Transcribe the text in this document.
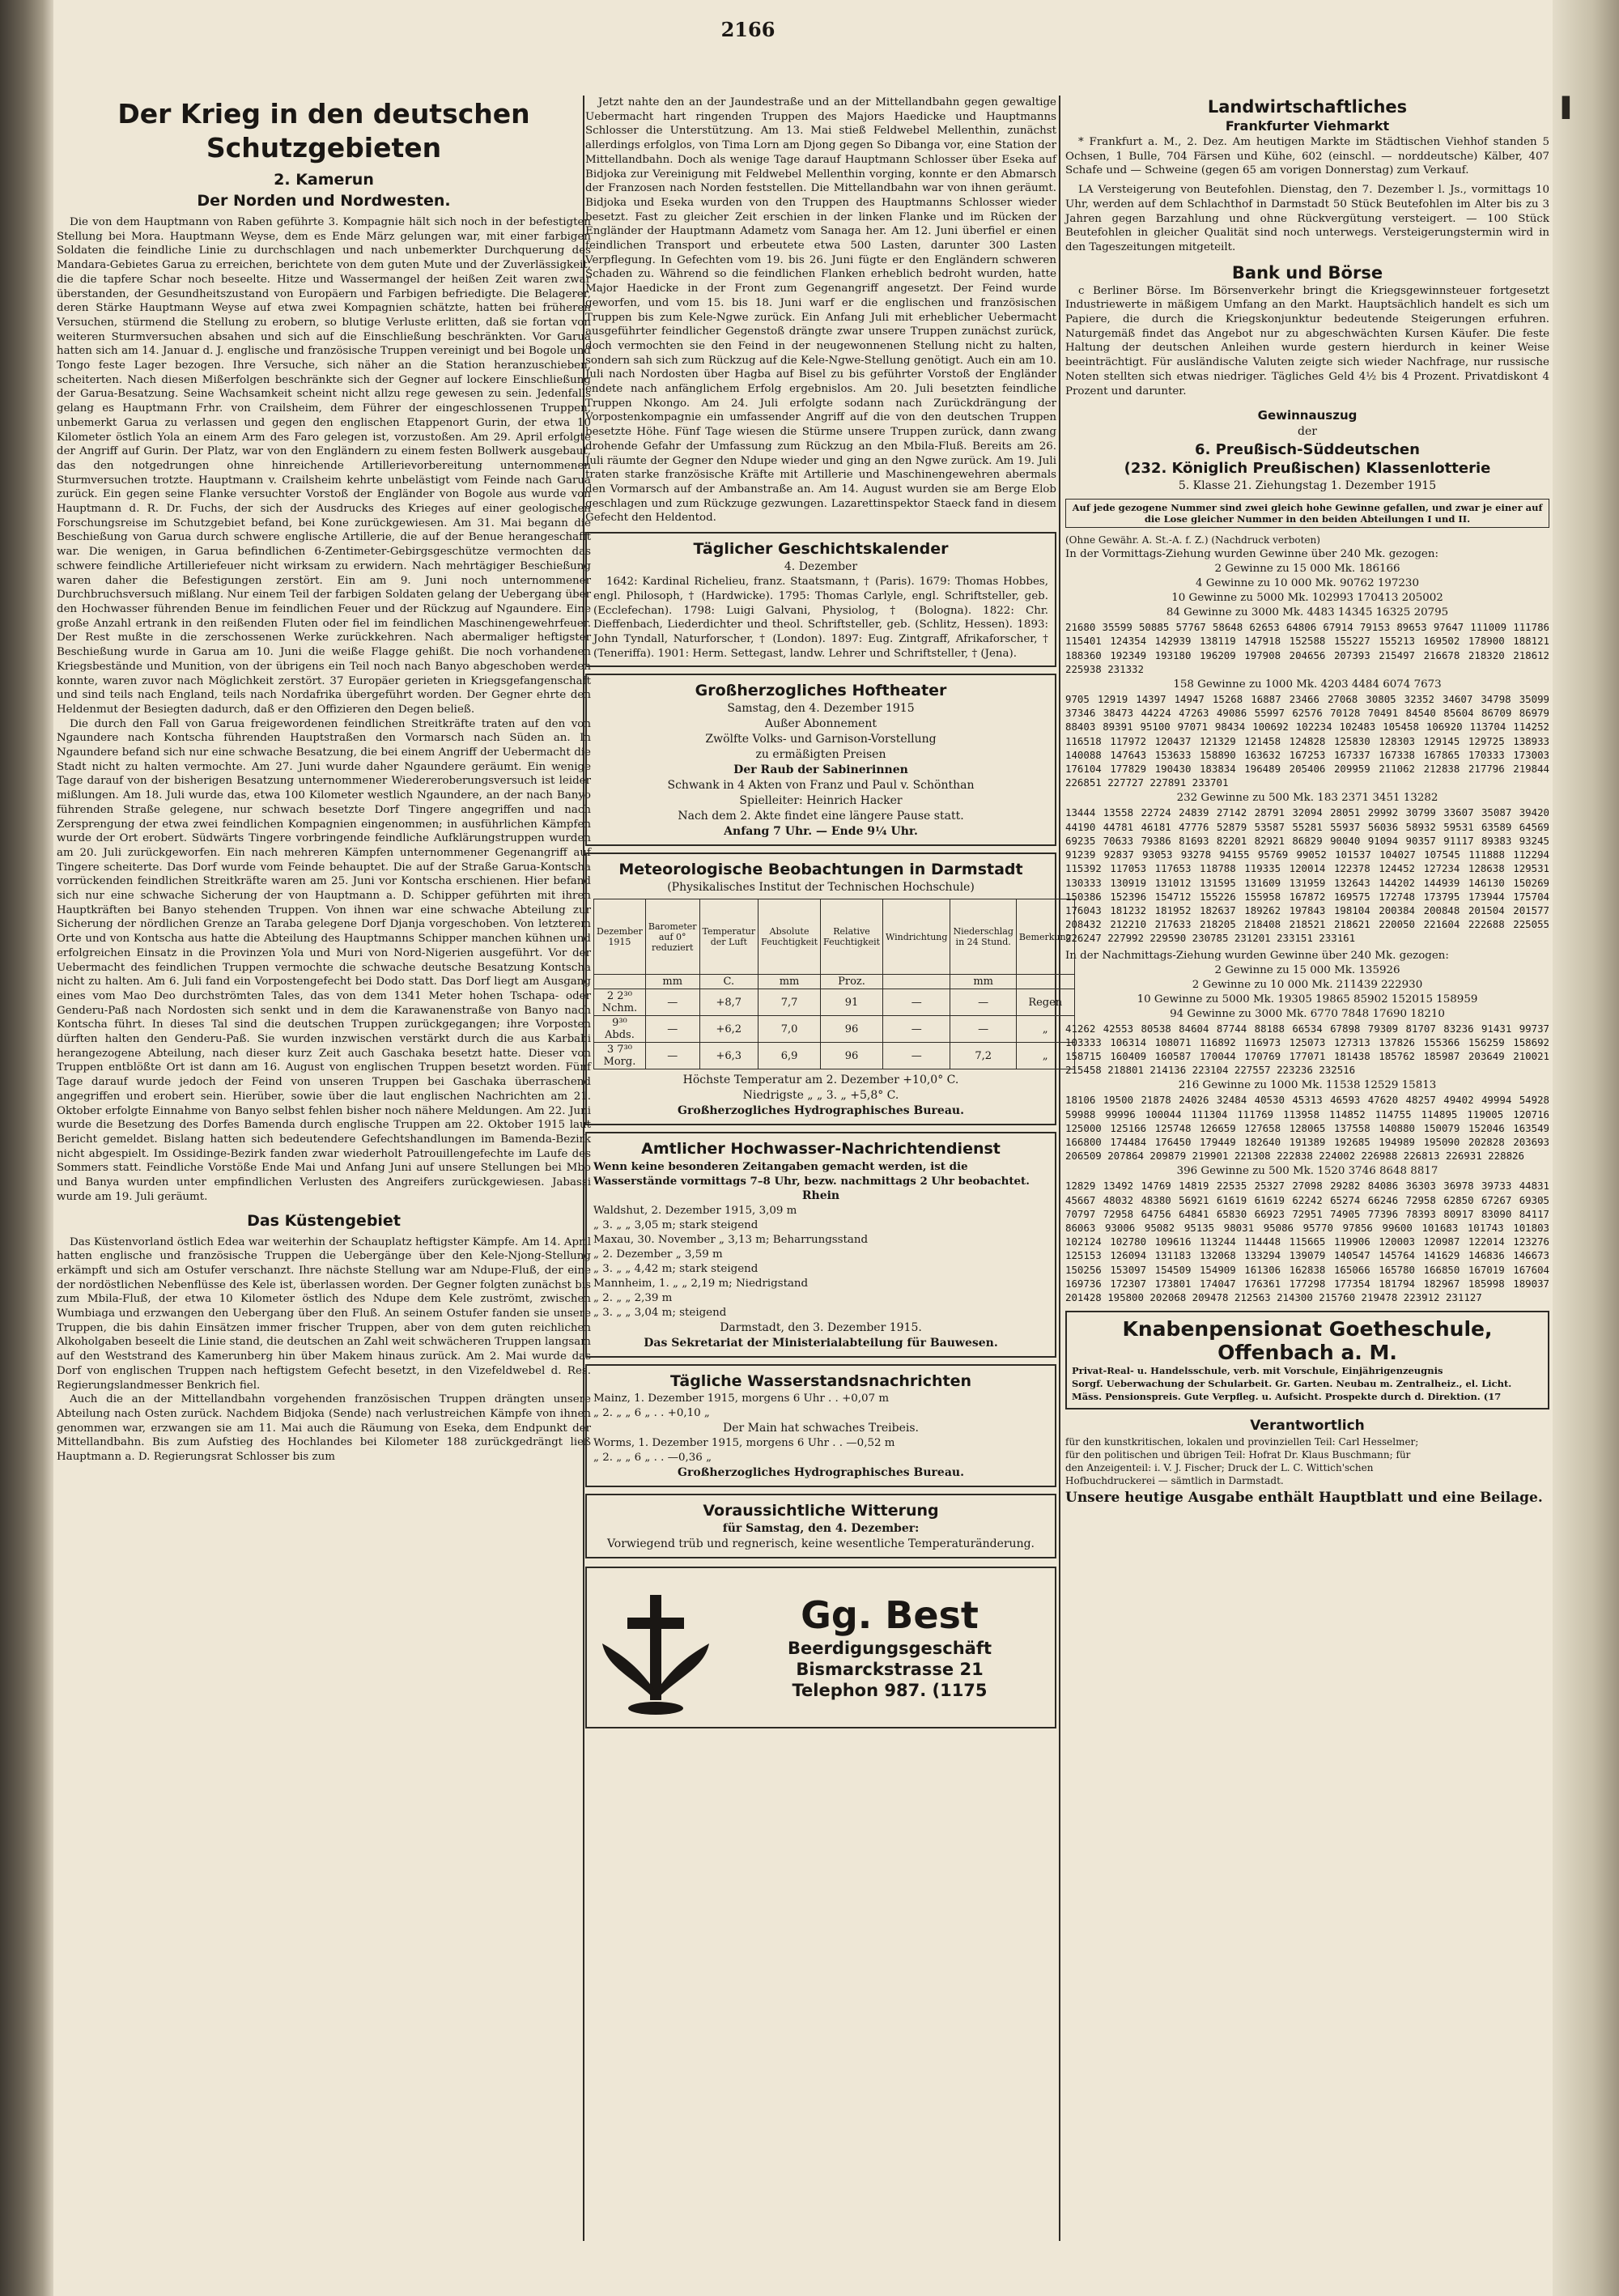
2166
Der Krieg in den deutschen Schutzgebieten
2. Kamerun
Der Norden und Nordwesten.

Die von dem Hauptmann von Raben geführte 3. Kompagnie hält sich noch in der befestigten Stellung bei Mora. Hauptmann Weyse, dem es Ende März gelungen war, mit einer farbigen Soldaten die feindliche Linie zu durchschlagen und nach unbemerkter Durchquerung des Mandara-Gebietes Garua zu erreichen, berichtete von dem guten Mute und der Zuverlässigkeit, die die tapfere Schar noch beseelte. Hitze und Wassermangel der heißen Zeit waren zwar überstanden, der Gesundheitszustand von Europäern und Farbigen befriedigte. Die Belagerer, deren Stärke Hauptmann Weyse auf etwa zwei Kompagnien schätzte, hatten bei früheren Versuchen, stürmend die Stellung zu erobern, so blutige Verluste erlitten, daß sie fortan von weiteren Sturmversuchen absahen und sich auf die Einschließung beschränkten. Vor Garua hatten sich am 14. Januar d. J. englische und französische Truppen vereinigt und bei Bogole und Tongo feste Lager bezogen. Ihre Versuche, sich näher an die Station heranzuschieben, scheiterten. Nach diesen Mißerfolgen beschränkte sich der Gegner auf lockere Einschließung der Garua-Besatzung. Seine Wachsamkeit scheint nicht allzu rege gewesen zu sein. Jedenfalls gelang es Hauptmann Frhr. von Crailsheim, dem Führer der eingeschlossenen Truppen, unbemerkt Garua zu verlassen und gegen den englischen Etappenort Gurin, der etwa 10 Kilometer östlich Yola an einem Arm des Faro gelegen ist, vorzustoßen. Am 29. April erfolgte der Angriff auf Gurin. Der Platz, war von den Engländern zu einem festen Bollwerk ausgebaut, das den notgedrungen ohne hinreichende Artillerievorbereitung unternommenen Sturmversuchen trotzte. Hauptmann v. Crailsheim kehrte unbelästigt vom Feinde nach Garua zurück. Ein gegen seine Flanke versuchter Vorstoß der Engländer von Bogole aus wurde von Hauptmann d. R. Dr. Fuchs, der sich der Ausdrucks des Krieges auf einer geologischen Forschungsreise im Schutzgebiet befand, bei Kone zurückgewiesen. Am 31. Mai begann die Beschießung von Garua durch schwere englische Artillerie, die auf der Benue herangeschafft war. Die wenigen, in Garua befindlichen 6-Zentimeter-Gebirgsgeschütze vermochten das schwere feindliche Artilleriefeuer nicht wirksam zu erwidern. Nach mehrtägiger Beschießung waren daher die Befestigungen zerstört. Ein am 9. Juni noch unternommener Durchbruchsversuch mißlang. Nur einem Teil der farbigen Soldaten gelang der Uebergang über den Hochwasser führenden Benue im feindlichen Feuer und der Rückzug auf Ngaundere. Eine große Anzahl ertrank in den reißenden Fluten oder fiel im feindlichen Maschinengewehrfeuer. Der Rest mußte in die zerschossenen Werke zurückkehren. Nach abermaliger heftigster Beschießung wurde in Garua am 10. Juni die weiße Flagge gehißt. Die noch vorhandenen Kriegsbestände und Munition, von der übrigens ein Teil noch nach Banyo abgeschoben werden konnte, waren zuvor nach Möglichkeit zerstört. 37 Europäer gerieten in Kriegsgefangenschaft und sind teils nach England, teils nach Nordafrika übergeführt worden. Der Gegner ehrte den Heldenmut der Besiegten dadurch, daß er den Offizieren den Degen beließ.

Die durch den Fall von Garua freigewordenen feindlichen Streitkräfte traten auf den von Ngaundere nach Kontscha führenden Hauptstraßen den Vormarsch nach Süden an. In Ngaundere befand sich nur eine schwache Besatzung, die bei einem Angriff der Uebermacht die Stadt nicht zu halten vermochte. Am 27. Juni wurde daher Ngaundere geräumt. Ein wenige Tage darauf von der bisherigen Besatzung unternommener Wiedereroberungsversuch ist leider mißlungen. Am 18. Juli wurde das, etwa 100 Kilometer westlich Ngaundere, an der nach Banyo führenden Straße gelegene, nur schwach besetzte Dorf Tingere angegriffen und nach Zersprengung der etwa zwei feindlichen Kompagnien eingenommen; in ausführlichen Kämpfen wurde der Ort erobert. Südwärts Tingere vorbringende feindliche Aufklärungstruppen wurden am 20. Juli zurückgeworfen. Ein nach mehreren Kämpfen unternommener Gegenangriff auf Tingere scheiterte. Das Dorf wurde vom Feinde behauptet. Die auf der Straße Garua-Kontscha vorrückenden feindlichen Streitkräfte waren am 25. Juni vor Kontscha erschienen. Hier befand sich nur eine schwache Sicherung der von Hauptmann a. D. Schipper geführten mit ihren Hauptkräften bei Banyo stehenden Truppen. Von ihnen war eine schwache Abteilung zur Sicherung der nördlichen Grenze an Taraba gelegene Dorf Djanja vorgeschoben. Von letzterem Orte und von Kontscha aus hatte die Abteilung des Hauptmanns Schipper manchen kühnen und erfolgreichen Einsatz in die Provinzen Yola und Muri von Nord-Nigerien ausgeführt. Vor der Uebermacht des feindlichen Truppen vermochte die schwache deutsche Besatzung Kontscha nicht zu halten. Am 6. Juli fand ein Vorpostengefecht bei Dodo statt. Das Dorf liegt am Ausgang eines vom Mao Deo durchströmten Tales, das von dem 1341 Meter hohen Tschapa- oder Genderu-Paß nach Nordosten sich senkt und in dem die Karawanenstraße von Banyo nach Kontscha führt. In dieses Tal sind die deutschen Truppen zurückgegangen; ihre Vorposten dürften halten den Genderu-Paß. Sie wurden inzwischen verstärkt durch die aus Karbabi herangezogene Abteilung, nach dieser kurz Zeit auch Gaschaka besetzt hatte. Dieser von Truppen entblößte Ort ist dann am 16. August von englischen Truppen besetzt worden. Fünf Tage darauf wurde jedoch der Feind von unseren Truppen bei Gaschaka überraschend angegriffen und erobert sein. Hierüber, sowie über die laut englischen Nachrichten am 21. Oktober erfolgte Einnahme von Banyo selbst fehlen bisher noch nähere Meldungen. Am 22. Juni wurde die Besetzung des Dorfes Bamenda durch englische Truppen am 22. Oktober 1915 laut Bericht gemeldet. Bislang hatten sich bedeutendere Gefechtshandlungen im Bamenda-Bezirk nicht abgespielt. Im Ossidinge-Bezirk fanden zwar wiederholt Patrouillengefechte im Laufe des Sommers statt. Feindliche Vorstöße Ende Mai und Anfang Juni auf unsere Stellungen bei Mbo und Banya wurden unter empfindlichen Verlusten des Angreifers zurückgewiesen. Jabassi wurde am 19. Juli geräumt.

Das Küstengebiet

Das Küstenvorland östlich Edea war weiterhin der Schauplatz heftigster Kämpfe. Am 14. April hatten englische und französische Truppen die Uebergänge über den Kele-Njong-Stellung erkämpft und sich am Ostufer verschanzt. Ihre nächste Stellung war am Ndupe-Fluß, der eine der nordöstlichen Nebenflüsse des Kele ist, überlassen worden. Der Gegner folgten zunächst bis zum Mbila-Fluß, der etwa 10 Kilometer östlich des Ndupe dem Kele zuströmt, zwischen Wumbiaga und erzwangen den Uebergang über den Fluß. An seinem Ostufer fanden sie unsere Truppen, die bis dahin Einsätzen immer frischer Truppen, aber von dem guten reichlichen Alkoholgaben beseelt die Linie stand, die deutschen an Zahl weit schwächeren Truppen langsam auf den Weststrand des Kamerunberg hin über Makem hinaus zurück. Am 2. Mai wurde das Dorf von englischen Truppen nach heftigstem Gefecht besetzt, in den Vizefeldwebel d. Res. Regierungslandmesser Benkrich fiel.

Auch die an der Mittellandbahn vorgehenden französischen Truppen drängten unsere Abteilung nach Osten zurück. Nachdem Bidjoka (Sende) nach verlustreichen Kämpfe von ihnen genommen war, erzwangen sie am 11. Mai auch die Räumung von Eseka, dem Endpunkt der Mittellandbahn. Bis zum Aufstieg des Hochlandes bei Kilometer 188 zurückgedrängt ließ Hauptmann a. D. Regierungsrat Schlosser bis zum

Jetzt nahte den an der Jaundestraße und an der Mittellandbahn gegen gewaltige Uebermacht hart ringenden Truppen des Majors Haedicke und Hauptmanns Schlosser die Unterstützung. Am 13. Mai stieß Feldwebel Mellenthin, zunächst allerdings erfolglos, von Tima Lorn am Djong gegen So Dibanga vor, eine Station der Mittellandbahn. Doch als wenige Tage darauf Hauptmann Schlosser über Eseka auf Bidjoka zur Vereinigung mit Feldwebel Mellenthin vorging, konnte er den Abmarsch der Franzosen nach Norden feststellen. Die Mittellandbahn war von ihnen geräumt. Bidjoka und Eseka wurden von den Truppen des Hauptmanns Schlosser wieder besetzt. Fast zu gleicher Zeit erschien in der linken Flanke und im Rücken der Engländer der Hauptmann Adametz vom Sanaga her. Am 12. Juni überfiel er einen feindlichen Transport und erbeutete etwa 500 Lasten, darunter 300 Lasten Verpflegung. In Gefechten vom 19. bis 26. Juni fügte er den Engländern schweren Schaden zu. Während so die feindlichen Flanken erheblich bedroht wurden, hatte Major Haedicke in der Front zum Gegenangriff angesetzt. Der Feind wurde geworfen, und vom 15. bis 18. Juni warf er die englischen und französischen Truppen bis zum Kele-Ngwe zurück. Ein Anfang Juli mit erheblicher Uebermacht ausgeführter feindlicher Gegenstoß drängte zwar unsere Truppen zunächst zurück, doch vermochten sie den Feind in der neugewonnenen Stellung nicht zu halten, sondern sah sich zum Rückzug auf die Kele-Ngwe-Stellung genötigt. Auch ein am 10. Juli nach Nordosten über Hagba auf Bisel zu bis geführter Vorstoß der Engländer endete nach anfänglichem Erfolg ergebnislos. Am 20. Juli besetzten feindliche Truppen Nkongo. Am 24. Juli erfolgte sodann nach Zurückdrängung der Vorpostenkompagnie ein umfassender Angriff auf die von den deutschen Truppen besetzte Höhe. Fünf Tage wiesen die Stürme unsere Truppen zurück, dann zwang drohende Gefahr der Umfassung zum Rückzug an den Mbila-Fluß. Bereits am 26. Juli räumte der Gegner den Ndupe wieder und ging an den Ngwe zurück. Am 19. Juli traten starke französische Kräfte mit Artillerie und Maschinengewehren abermals den Vormarsch auf der Ambanstraße an. Am 14. August wurden sie am Berge Elob geschlagen und zum Rückzuge gezwungen. Lazarettinspektor Staeck fand in diesem Gefecht den Heldentod.

Täglicher Geschichtskalender

4. Dezember

1642: Kardinal Richelieu, franz. Staatsmann, † (Paris). 1679: Thomas Hobbes, engl. Philosoph, † (Hardwicke). 1795: Thomas Carlyle, engl. Schriftsteller, geb. (Ecclefechan). 1798: Luigi Galvani, Physiolog, † (Bologna). 1822: Chr. Dieffenbach, Liederdichter und theol. Schriftsteller, geb. (Schlitz, Hessen). 1893: John Tyndall, Naturforscher, † (London). 1897: Eug. Zintgraff, Afrikaforscher, † (Teneriffa). 1901: Herm. Settegast, landw. Lehrer und Schriftsteller, † (Jena).

Großherzogliches Hoftheater

Samstag, den 4. Dezember 1915

Außer Abonnement

Zwölfte Volks- und Garnison-Vorstellung

zu ermäßigten Preisen

Der Raub der Sabinerinnen

Schwank in 4 Akten von Franz und Paul v. Schönthan

Spielleiter: Heinrich Hacker

Nach dem 2. Akte findet eine längere Pause statt.

Anfang 7 Uhr. — Ende 9¼ Uhr.

Meteorologische Beobachtungen in Darmstadt

(Physikalisches Institut der Technischen Hochschule)

Dezember 1915	Barometer auf 0° reduziert	Temperatur der Luft	Absolute Feuchtigkeit	Relative Feuchtigkeit	Windrichtung	Niederschlag in 24 Stund.	Bemerkung
	mm	C.	mm	Proz.		mm	
2 2³⁰ Nchm.	—	+8,7	7,7	91	—	—	Regen
9³⁰ Abds.	—	+6,2	7,0	96	—	—	„
3 7³⁰ Morg.	—	+6,3	6,9	96	—	7,2	„

Höchste Temperatur am 2. Dezember +10,0° C.

Niedrigste „ „ 3. „ +5,8° C.

Großherzogliches Hydrographisches Bureau.

Amtlicher Hochwasser-Nachrichtendienst

Wenn keine besonderen Zeitangaben gemacht werden, ist die Wasserstände vormittags 7–8 Uhr, bezw. nachmittags 2 Uhr beobachtet.

Rhein

Waldshut, 2. Dezember 1915, 3,09 m

„ 3. „ „ 3,05 m; stark steigend

Maxau, 30. November „ 3,13 m; Beharrungsstand

„ 2. Dezember „ 3,59 m

„ 3. „ „ 4,42 m; stark steigend

Mannheim, 1. „ „ 2,19 m; Niedrigstand

„ 2. „ „ 2,39 m

„ 3. „ „ 3,04 m; steigend

Darmstadt, den 3. Dezember 1915.

Das Sekretariat der Ministerialabteilung für Bauwesen.

Tägliche Wasserstandsnachrichten

Mainz, 1. Dezember 1915, morgens 6 Uhr . . +0,07 m

„ 2. „ „ 6 „ . . +0,10 „

Der Main hat schwaches Treibeis.

Worms, 1. Dezember 1915, morgens 6 Uhr . . —0,52 m

„ 2. „ „ 6 „ . . —0,36 „

Großherzogliches Hydrographisches Bureau.

Voraussichtliche Witterung

für Samstag, den 4. Dezember:

Vorwiegend trüb und regnerisch, keine wesentliche Temperaturänderung.

Gg. Best

Beerdigungsgeschäft

Bismarckstrasse 21

Telephon 987. (1175

Landwirtschaftliches
Frankfurter Viehmarkt

* Frankfurt a. M., 2. Dez. Am heutigen Markte im Städtischen Viehhof standen 5 Ochsen, 1 Bulle, 704 Färsen und Kühe, 602 (einschl. — norddeutsche) Kälber, 407 Schafe und — Schweine (gegen 65 am vorigen Donnerstag) zum Verkauf.

LA Versteigerung von Beutefohlen. Dienstag, den 7. Dezember l. Js., vormittags 10 Uhr, werden auf dem Schlachthof in Darmstadt 50 Stück Beutefohlen im Alter bis zu 3 Jahren gegen Barzahlung und ohne Rückvergütung versteigert. — 100 Stück Beutefohlen in gleicher Qualität sind noch unterwegs. Versteigerungstermin wird in den Tageszeitungen mitgeteilt.

Bank und Börse

c Berliner Börse. Im Börsenverkehr bringt die Kriegsgewinnsteuer fortgesetzt Industriewerte in mäßigem Umfang an den Markt. Hauptsächlich handelt es sich um Papiere, die durch die Kriegskonjunktur bedeutende Steigerungen erfuhren. Naturgemäß findet das Angebot nur zu abgeschwächten Kursen Käufer. Die feste Haltung der deutschen Anleihen wurde gestern hierdurch in keiner Weise beeinträchtigt. Für ausländische Valuten zeigte sich wieder Nachfrage, nur russische Noten stellten sich etwas niedriger. Tägliches Geld 4½ bis 4 Prozent. Privatdiskont 4 Prozent und darunter.

Gewinnauszug

der

6. Preußisch-Süddeutschen
(232. Königlich Preußischen) Klassenlotterie

5. Klasse 21. Ziehungstag 1. Dezember 1915

Auf jede gezogene Nummer sind zwei gleich hohe Gewinne gefallen, und zwar je einer auf die Lose gleicher Nummer in den beiden Abteilungen I und II.

(Ohne Gewähr. A. St.-A. f. Z.) (Nachdruck verboten)

In der Vormittags-Ziehung wurden Gewinne über 240 Mk. gezogen:

2 Gewinne zu 15 000 Mk. 186166

4 Gewinne zu 10 000 Mk. 90762 197230

10 Gewinne zu 5000 Mk. 102993 170413 205002

84 Gewinne zu 3000 Mk. 4483 14345 16325 20795

21680 35599 50885 57767 58648 62653 64806 67914 79153 89653 97647 111009 111786 115401 124354 142939 138119 147918 152588 155227 155213 169502 178900 188121 188360 192349 193180 196209 197908 204656 207393 215497 216678 218320 218612 225938 231332

158 Gewinne zu 1000 Mk. 4203 4484 6074 7673

9705 12919 14397 14947 15268 16887 23466 27068 30805 32352 34607 34798 35099 37346 38473 44224 47263 49086 55997 62576 70128 70491 84540 85604 86709 86979 88403 89391 95100 97071 98434 100692 102234 102483 105458 106920 113704 114252 116518 117972 120437 121329 121458 124828 125830 128303 129145 129725 138933 140088 147643 153633 158890 163632 167253 167337 167338 167865 170333 173003 176104 177829 190430 183834 196489 205406 209959 211062 212838 217796 219844 226851 227727 227891 233701

232 Gewinne zu 500 Mk. 183 2371 3451 13282

13444 13558 22724 24839 27142 28791 32094 28051 29992 30799 33607 35087 39420 44190 44781 46181 47776 52879 53587 55281 55937 56036 58932 59531 63589 64569 69235 70633 79386 81693 82201 82921 86829 90040 91094 90357 91117 89383 93245 91239 92837 93053 93278 94155 95769 99052 101537 104027 107545 111888 112294 115392 117053 117653 118788 119335 120014 122378 124452 127234 128638 129531 130333 130919 131012 131595 131609 131959 132643 144202 144939 146130 150269 150386 152396 154712 155226 155958 167872 169575 172748 173795 173944 175704 176043 181232 181952 182637 189262 197843 198104 200384 200848 201504 201577 208432 212210 217633 218205 218408 218521 218621 220050 221604 222688 225055 226247 227992 229590 230785 231201 233151 233161

In der Nachmittags-Ziehung wurden Gewinne über 240 Mk. gezogen:

2 Gewinne zu 15 000 Mk. 135926

2 Gewinne zu 10 000 Mk. 211439 222930

10 Gewinne zu 5000 Mk. 19305 19865 85902 152015 158959

94 Gewinne zu 3000 Mk. 6770 7848 17690 18210

41262 42553 80538 84604 87744 88188 66534 67898 79309 81707 83236 91431 99737 103333 106314 108071 116892 116973 125073 127313 137826 155366 156259 158692 158715 160409 160587 170044 170769 177071 181438 185762 185987 203649 210021 215458 218801 214136 223104 227557 223236 232516

216 Gewinne zu 1000 Mk. 11538 12529 15813

18106 19500 21878 24026 32484 40530 45313 46593 47620 48257 49402 49994 54928 59988 99996 100044 111304 111769 113958 114852 114755 114895 119005 120716 125000 125166 125748 126659 127658 128065 137558 140880 150079 152046 163549 166800 174484 176450 179449 182640 191389 192685 194989 195090 202828 203693 206509 207864 209879 219901 221308 222838 224002 226988 226813 226931 228826

396 Gewinne zu 500 Mk. 1520 3746 8648 8817

12829 13492 14769 14819 22535 25327 27098 29282 84086 36303 36978 39733 44831 45667 48032 48380 56921 61619 61619 62242 65274 66246 72958 62850 67267 69305 70797 72958 64756 64841 65830 66923 72951 74905 77396 78393 80917 83090 84117 86063 93006 95082 95135 98031 95086 95770 97856 99600 101683 101743 101803 102124 102780 109616 113244 114448 115665 119906 120003 120987 122014 123276 125153 126094 131183 132068 133294 139079 140547 145764 141629 146836 146673 150256 153097 154509 154909 161306 162838 165066 165780 166850 167019 167604 169736 172307 173801 174047 176361 177298 177354 181794 182967 185998 189037 201428 195800 202068 209478 212563 214300 215760 219478 223912 231127

Knabenpensionat Goetheschule, Offenbach a. M.

Privat-Real- u. Handelsschule, verb. mit Vorschule, Einjährigenzeugnis

Sorgf. Ueberwachung der Schularbeit. Gr. Garten. Neubau m. Zentralheiz., el. Licht.

Mäss. Pensionspreis. Gute Verpfleg. u. Aufsicht. Prospekte durch d. Direktion. (17

Verantwortlich

für den kunstkritischen, lokalen und provinziellen Teil: Carl Hesselmer;

für den politischen und übrigen Teil: Hofrat Dr. Klaus Buschmann; für

den Anzeigenteil: i. V. J. Fischer; Druck der L. C. Wittich'schen

Hofbuchdruckerei — sämtlich in Darmstadt.

Unsere heutige Ausgabe enthält Hauptblatt und eine Beilage.

▌
